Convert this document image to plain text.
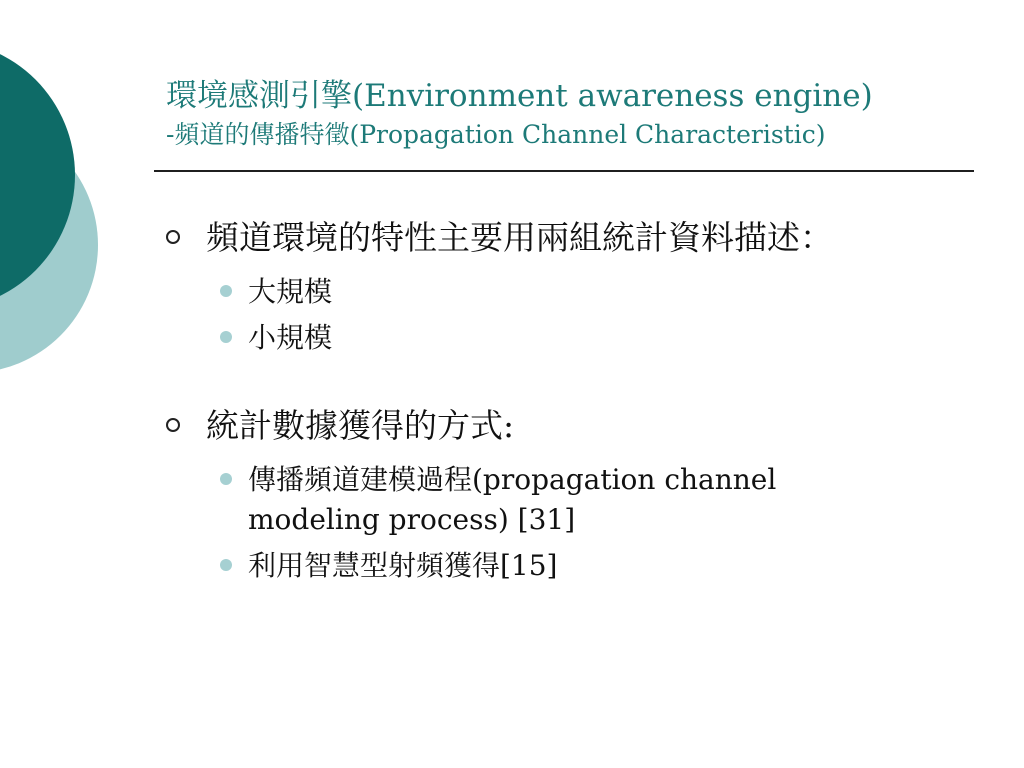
環境感測引擎(Environment awareness engine)
-頻道的傳播特徵(Propagation Channel Characteristic)
頻道環境的特性主要用兩組統計資料描述：
大規模
小規模
統計數據獲得的方式:
傳播頻道建模過程(propagation channel modeling process) [31]
利用智慧型射頻獲得[15]
